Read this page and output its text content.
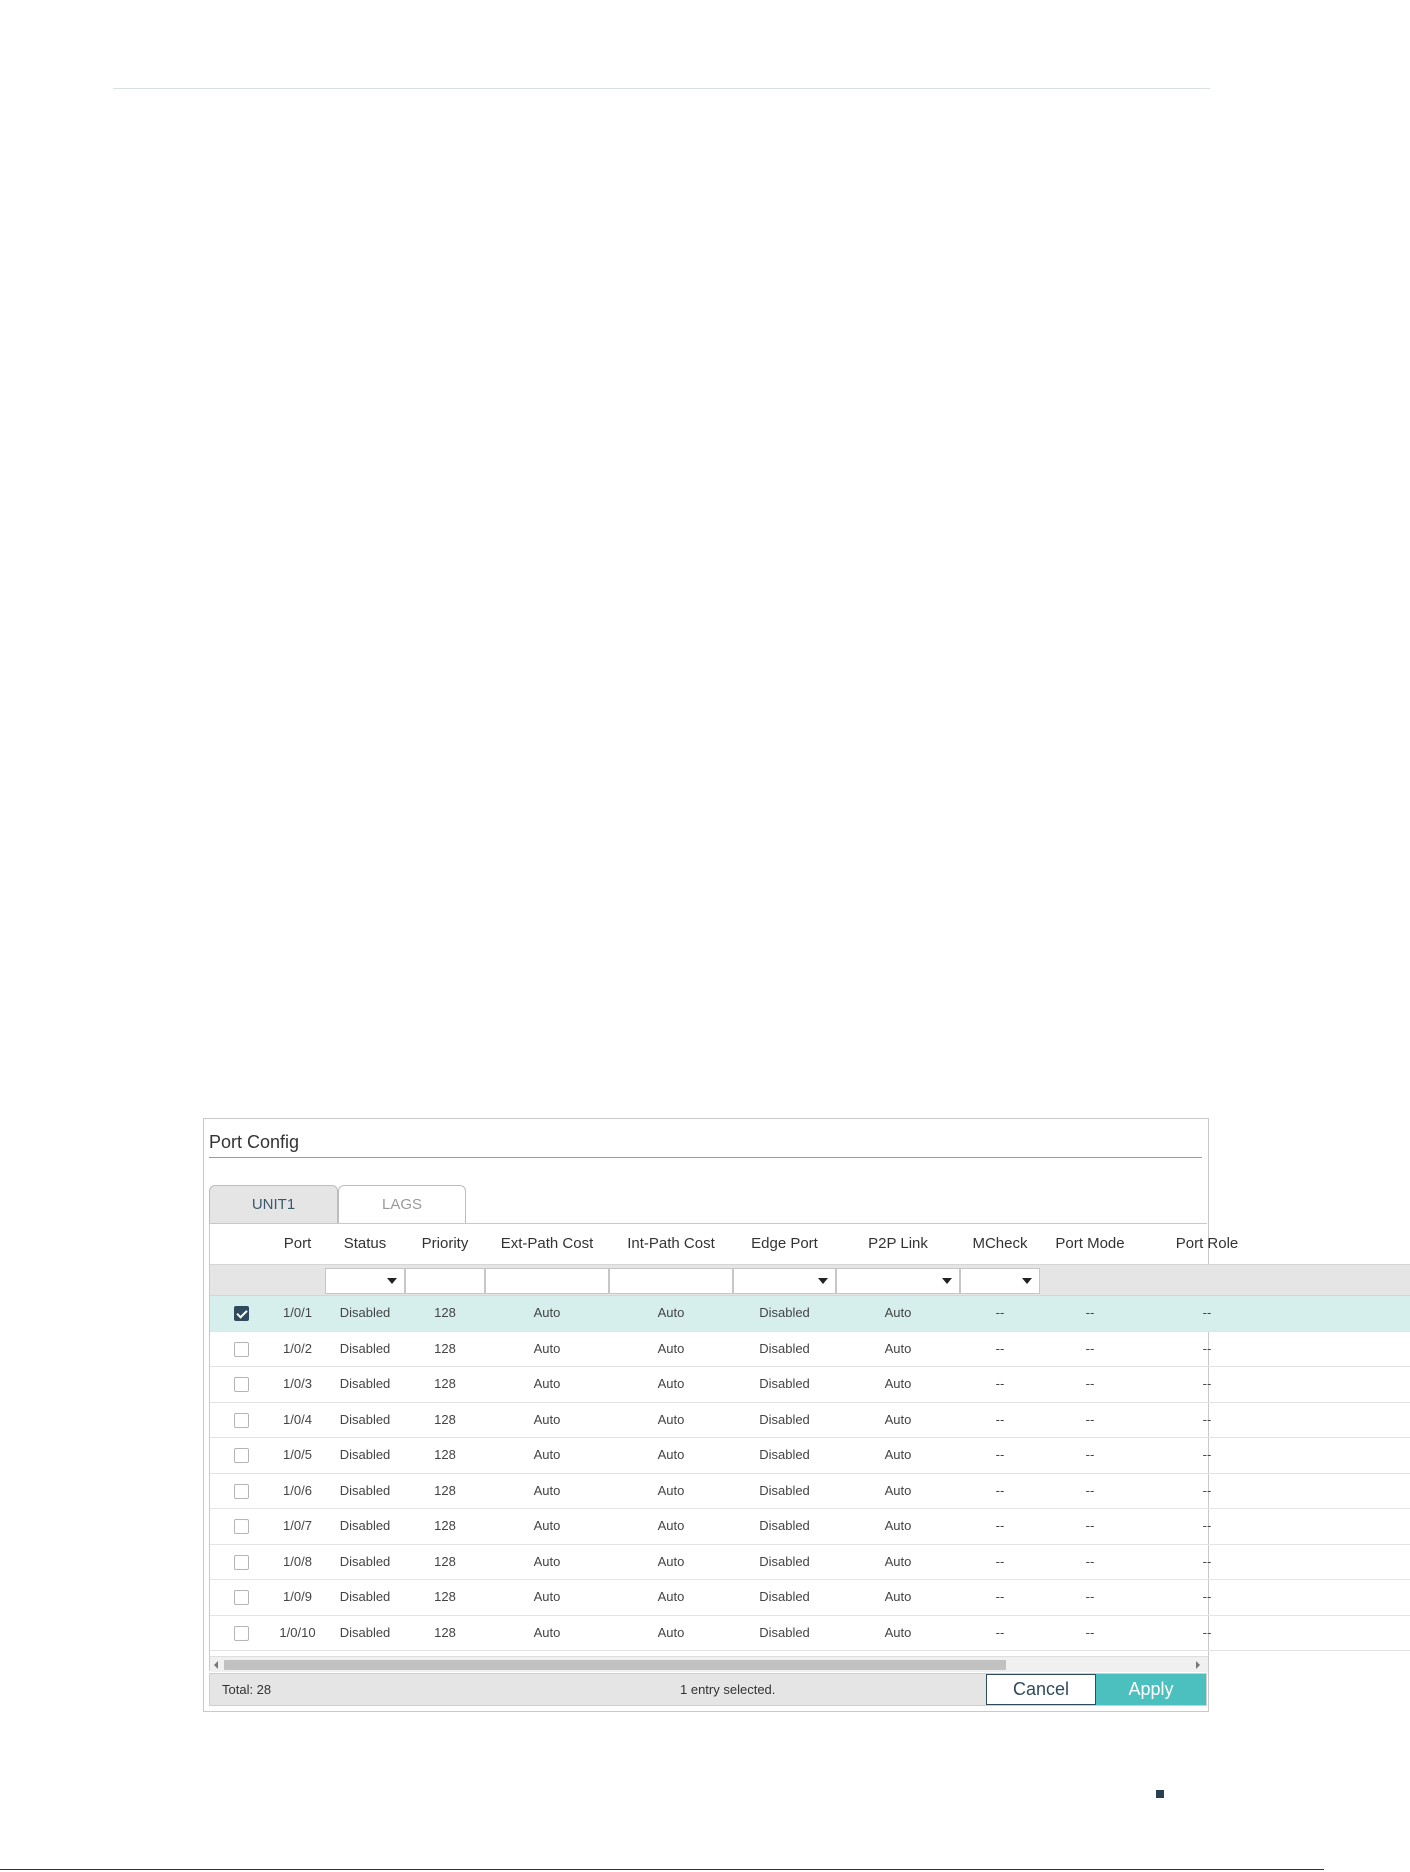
Port Config
UNIT1	LAGS
Port	Status	Priority	Ext-Path Cost	Int-Path Cost	Edge Port	P2P Link	MCheck	Port Mode	Port Role
1/0/1	Disabled	128	Auto	Auto	Disabled	Auto	--	--	--
1/0/2	Disabled	128	Auto	Auto	Disabled	Auto	--	--	--
1/0/3	Disabled	128	Auto	Auto	Disabled	Auto	--	--	--
1/0/4	Disabled	128	Auto	Auto	Disabled	Auto	--	--	--
1/0/5	Disabled	128	Auto	Auto	Disabled	Auto	--	--	--
1/0/6	Disabled	128	Auto	Auto	Disabled	Auto	--	--	--
1/0/7	Disabled	128	Auto	Auto	Disabled	Auto	--	--	--
1/0/8	Disabled	128	Auto	Auto	Disabled	Auto	--	--	--
1/0/9	Disabled	128	Auto	Auto	Disabled	Auto	--	--	--
1/0/10	Disabled	128	Auto	Auto	Disabled	Auto	--	--	--
Total: 28	1 entry selected.	Cancel	Apply
